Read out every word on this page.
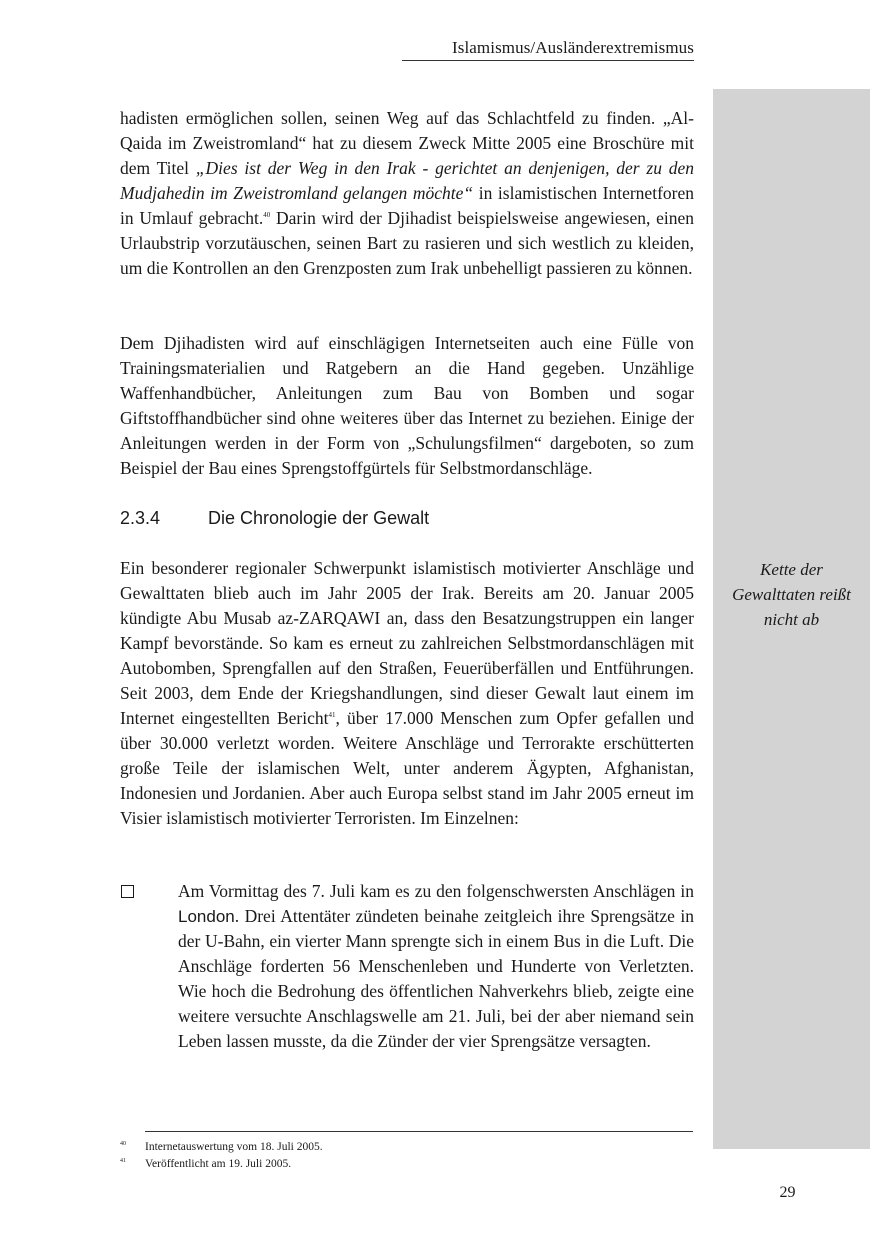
Islamismus/Ausländerextremismus
Kette der
Gewalttaten reißt
nicht ab

hadisten ermöglichen sollen, seinen Weg auf das Schlachtfeld zu finden. „Al-Qaida im Zweistromland“ hat zu diesem Zweck Mitte 2005 eine Broschüre mit dem Titel „Dies ist der Weg in den Irak - gerichtet an denjenigen, der zu den Mudjahedin im Zweistromland gelangen möchte“ in islamistischen Internetforen in Umlauf gebracht.$^{40}$ Darin wird der Djihadist beispielsweise angewiesen, einen Urlaubstrip vorzutäuschen, seinen Bart zu rasieren und sich westlich zu kleiden, um die Kontrollen an den Grenzposten zum Irak unbehelligt passieren zu können.

Dem Djihadisten wird auf einschlägigen Internetseiten auch eine Fülle von Trainingsmaterialien und Ratgebern an die Hand gegeben. Unzählige Waffenhandbücher, Anleitungen zum Bau von Bomben und sogar Giftstoffhandbücher sind ohne weiteres über das Internet zu beziehen. Einige der Anleitungen werden in der Form von „Schulungsfilmen“ dargeboten, so zum Beispiel der Bau eines Sprengstoffgürtels für Selbstmordanschläge.

2.3.4	Die Chronologie der Gewalt

Ein besonderer regionaler Schwerpunkt islamistisch motivierter Anschläge und Gewalttaten blieb auch im Jahr 2005 der Irak. Bereits am 20. Januar 2005 kündigte Abu Musab az-ZARQAWI an, dass den Besatzungstruppen ein langer Kampf bevorstände. So kam es erneut zu zahlreichen Selbstmordanschlägen mit Autobomben, Sprengfallen auf den Straßen, Feuerüberfällen und Entführungen. Seit 2003, dem Ende der Kriegshandlungen, sind dieser Gewalt laut einem im Internet eingestellten Bericht$^{41}$, über 17.000 Menschen zum Opfer gefallen und über 30.000 verletzt worden. Weitere Anschläge und Terrorakte erschütterten große Teile der islamischen Welt, unter anderem Ägypten, Afghanistan, Indonesien und Jordanien. Aber auch Europa selbst stand im Jahr 2005 erneut im Visier islamistisch motivierter Terroristen. Im Einzelnen:

Am Vormittag des 7. Juli kam es zu den folgenschwersten Anschlägen in London. Drei Attentäter zündeten beinahe zeitgleich ihre Sprengsätze in der U-Bahn, ein vierter Mann sprengte sich in einem Bus in die Luft. Die Anschläge forderten 56 Menschenleben und Hunderte von Verletzten. Wie hoch die Bedrohung des öffentlichen Nahverkehrs blieb, zeigte eine weitere versuchte Anschlagswelle am 21. Juli, bei der aber niemand sein Leben lassen musste, da die Zünder der vier Sprengsätze versagten.
40 Internetauswertung vom 18. Juli 2005.
41 Veröffentlicht am 19. Juli 2005.
29
